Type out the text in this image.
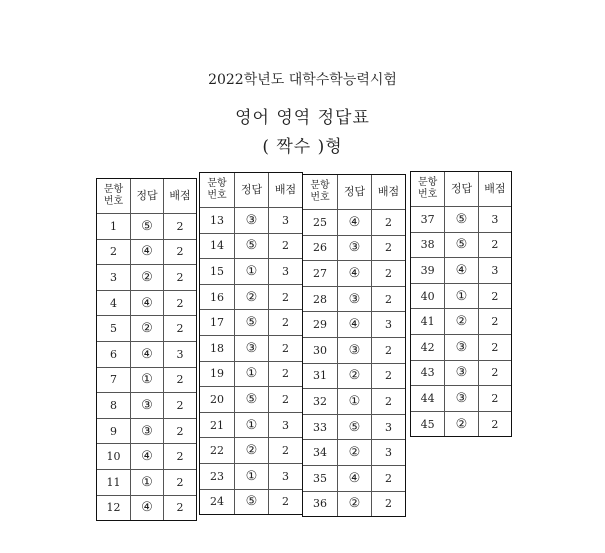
2022학년도 대학수학능력시험
영어 영역 정답표
( 짝수 )형
문항
번호	정답	배점
1	⑤	2
2	④	2
3	②	2
4	④	2
5	②	2
6	④	3
7	①	2
8	③	2
9	③	2
10	④	2
11	①	2
12	④	2
문항
번호	정답	배점
13	③	3
14	⑤	2
15	①	3
16	②	2
17	⑤	2
18	③	2
19	①	2
20	⑤	2
21	①	3
22	②	2
23	①	3
24	⑤	2
문항
번호	정답	배점
25	④	2
26	③	2
27	④	2
28	③	2
29	④	3
30	③	2
31	②	2
32	①	2
33	⑤	3
34	②	3
35	④	2
36	②	2
문항
번호	정답	배점
37	⑤	3
38	⑤	2
39	④	3
40	①	2
41	②	2
42	③	2
43	③	2
44	③	2
45	②	2
